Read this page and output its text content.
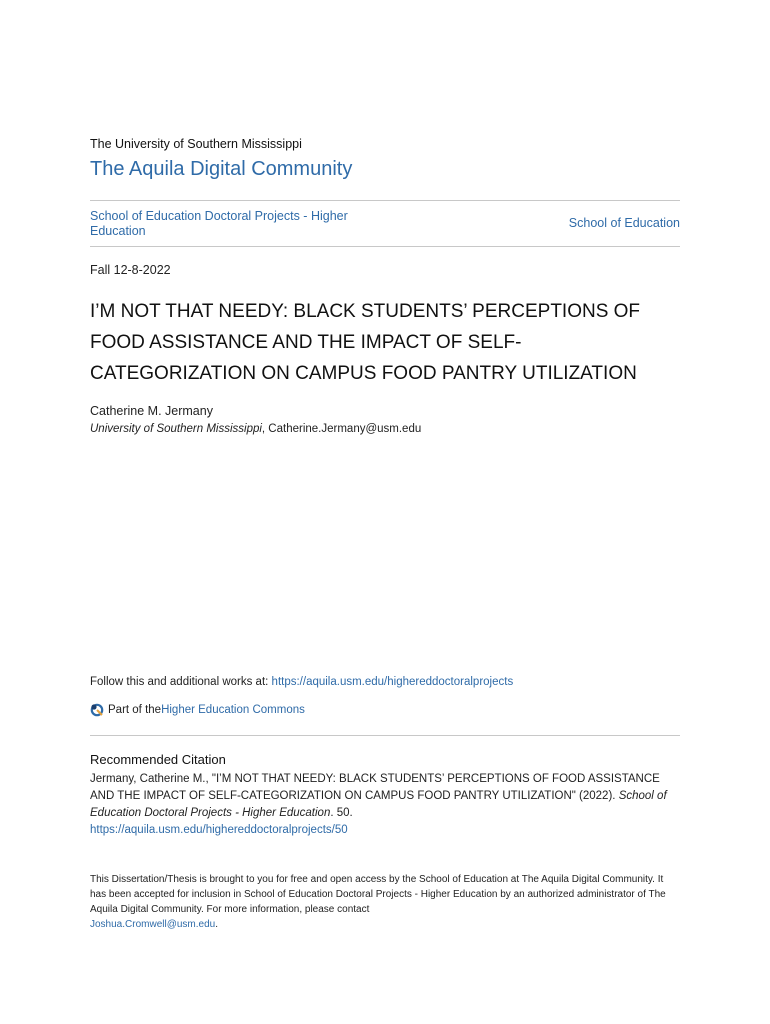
The University of Southern Mississippi
The Aquila Digital Community
School of Education Doctoral Projects - Higher Education
School of Education
Fall 12-8-2022
I’M NOT THAT NEEDY: BLACK STUDENTS’ PERCEPTIONS OF
FOOD ASSISTANCE AND THE IMPACT OF SELF-
CATEGORIZATION ON CAMPUS FOOD PANTRY UTILIZATION
Catherine M. Jermany
University of Southern Mississippi, Catherine.Jermany@usm.edu
Follow this and additional works at: https://aquila.usm.edu/highereddoctoralprojects
Part of the Higher Education Commons
Recommended Citation
Jermany, Catherine M., "I’M NOT THAT NEEDY: BLACK STUDENTS’ PERCEPTIONS OF FOOD ASSISTANCE AND THE IMPACT OF SELF-CATEGORIZATION ON CAMPUS FOOD PANTRY UTILIZATION" (2022). School of Education Doctoral Projects - Higher Education. 50.
https://aquila.usm.edu/highereddoctoralprojects/50
This Dissertation/Thesis is brought to you for free and open access by the School of Education at The Aquila Digital Community. It has been accepted for inclusion in School of Education Doctoral Projects - Higher Education by an authorized administrator of The Aquila Digital Community. For more information, please contact
Joshua.Cromwell@usm.edu.
